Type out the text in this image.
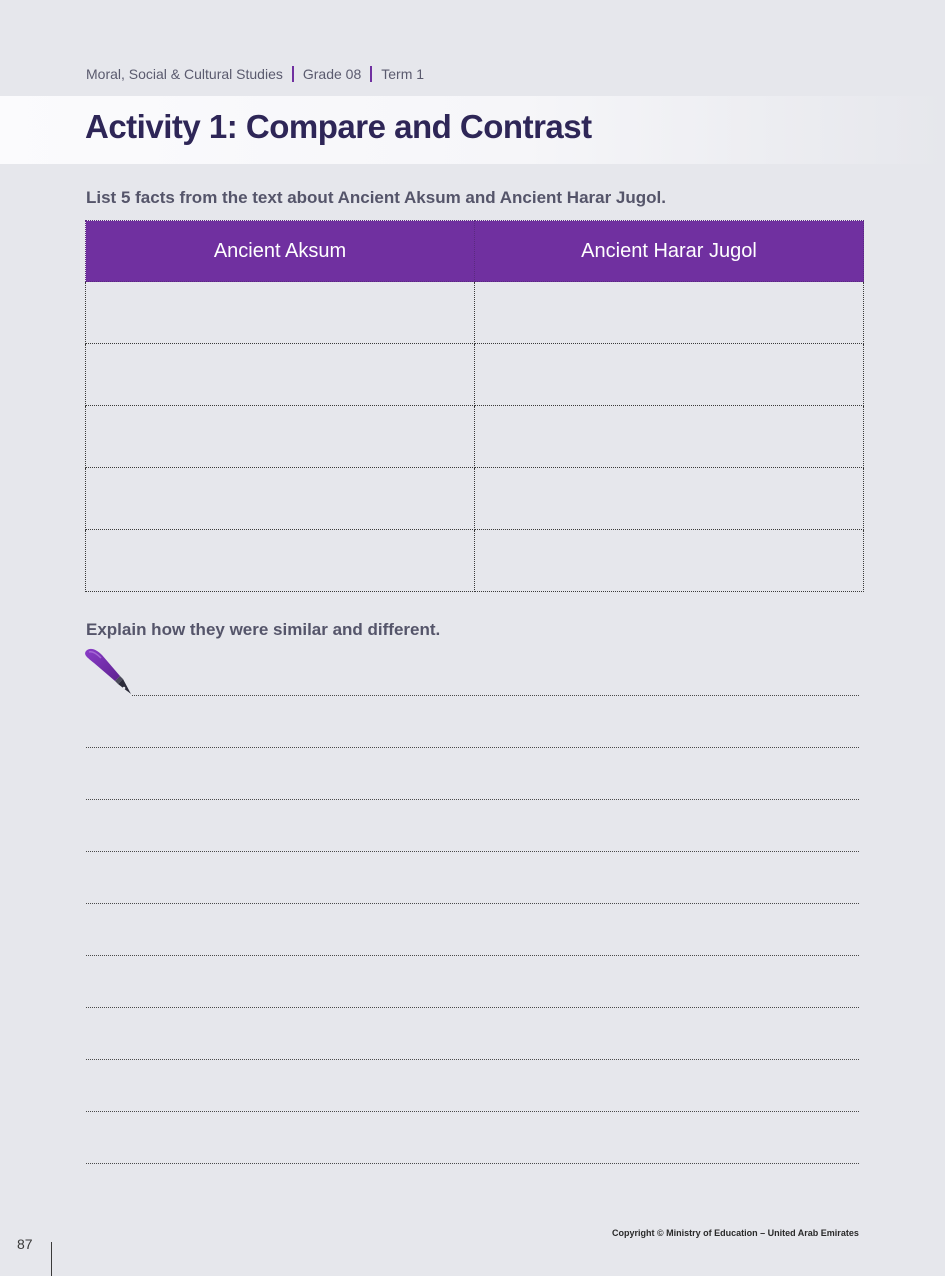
Moral, Social & Cultural Studies Grade 08 Term 1
Activity 1: Compare and Contrast
List 5 facts from the text about Ancient Aksum and Ancient Harar Jugol.
Ancient Aksum	Ancient Harar Jugol

Explain how they were similar and different.
Copyright © Ministry of Education – United Arab Emirates
87
